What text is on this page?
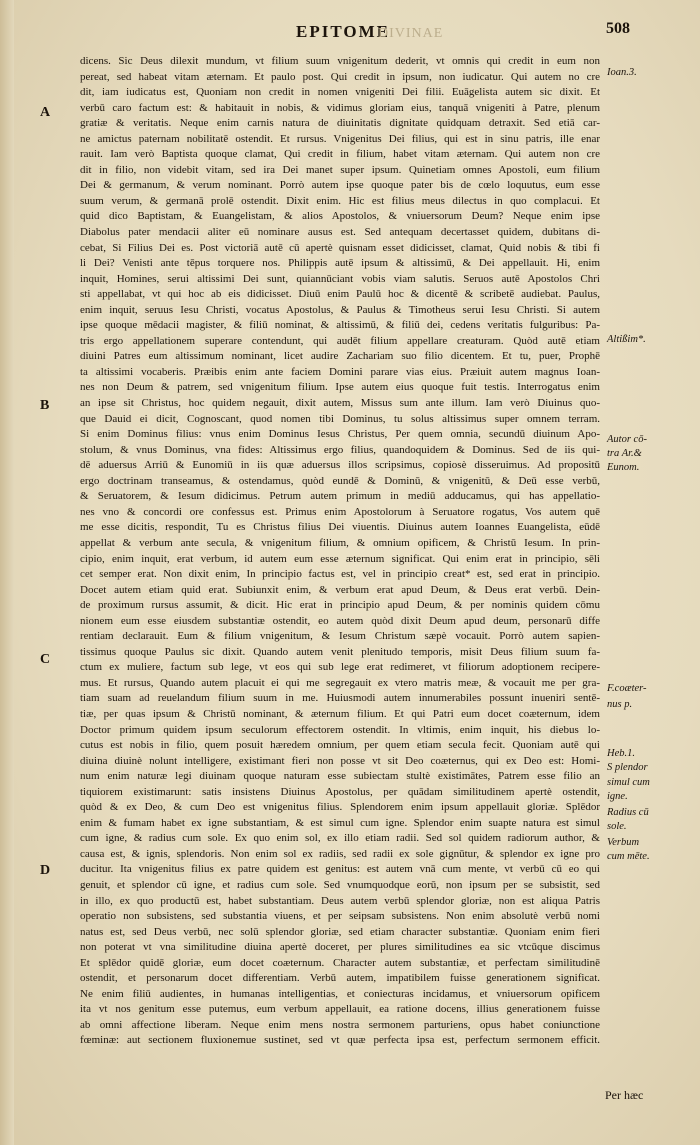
EPITOME
DIVINAE	508
A
B
C
D
Ioan.3.
Altißim*.
Autor cō-
tra Ar.&
Eunom.
F.coæter-
nus p.
Heb.1.
S plendor
simul cum
igne.
Radius cū
sole.
Verbum
cum mēte.
dicens. Sic Deus dilexit mundum, vt filium suum vnigenitum dederit, vt omnis qui credit in eum non
pereat, sed habeat vitam æternam. Et paulo post. Qui credit in ipsum, non iudicatur. Qui autem no cre
dit, iam iudicatus est, Quoniam non credit in nomen vnigeniti Dei filii. Euāgelista autem sic dixit. Et
verbū caro factum est: & habitauit in nobis, & vidimus gloriam eius, tanquā vnigeniti à Patre, plenum
gratiæ & veritatis. Neque enim carnis natura de diuinitatis dignitate quidquam detraxit. Sed etiā car-
ne amictus paternam nobilitatē ostendit. Et rursus. Vnigenitus Dei filius, qui est in sinu patris, ille enar
rauit. Iam verò Baptista quoque clamat, Qui credit in filium, habet vitam æternam. Qui autem non cre
dit in filio, non videbit vitam, sed ira Dei manet super ipsum. Quinetiam omnes Apostoli, eum filium
Dei & germanum, & verum nominant. Porrò autem ipse quoque pater bis de cœlo loquutus, eum esse
suum verum, & germanā prolē ostendit. Dixit enim. Hic est filius meus dilectus in quo complacui. Et
quid dico Baptistam, & Euangelistam, & alios Apostolos, & vniuersorum Deum? Neque enim ipse
Diabolus pater mendacii aliter eū nominare ausus est. Sed antequam decertasset quidem, dubitans di-
cebat, Si Filius Dei es. Post victoriā autē cū apertè quisnam esset didicisset, clamat, Quid nobis & tibi fi
li Dei? Venisti ante tēpus torquere nos. Philippis autē ipsum & altissimū, & Dei appellauit. Hi, enim
inquit, Homines, serui altissimi Dei sunt, quiannūciant vobis viam salutis. Seruos autē Apostolos Chri
sti appellabat, vt qui hoc ab eis didicisset. Diuū enim Paulū hoc & dicentē & scribetē audiebat. Paulus,
enim inquit, seruus Iesu Christi, vocatus Apostolus, & Paulus & Timotheus serui Iesu Christi. Si autem
ipse quoque mēdacii magister, & filiū nominat, & altissimū, & filiū dei, cedens veritatis fulguribus: Pa-
tris ergo appellationem superare contendunt, qui audēt filium appellare creaturam. Quòd autē etiam
diuini Patres eum altissimum nominant, licet audire Zachariam suo filio dicentem. Et tu, puer, Prophē
ta altissimi vocaberis. Præibis enim ante faciem Domini parare vias eius. Præiuit autem magnus Ioan-
nes non Deum & patrem, sed vnigenitum filium. Ipse autem eius quoque fuit testis. Interrogatus enim
an ipse sit Christus, hoc quidem negauit, dixit autem, Missus sum ante illum. Iam verò Diuinus quo-
que Dauid ei dicit, Cognoscant, quod nomen tibi Dominus, tu solus altissimus super omnem terram.
Si enim Dominus filius: vnus enim Dominus Iesus Christus, Per quem omnia, secundū diuinum Apo-
stolum, & vnus Dominus, vna fides: Altissimus ergo filius, quandoquidem & Dominus. Sed de iis qui-
dē aduersus Arriū & Eunomiū in iis quæ aduersus illos scripsimus, copiosè disseruimus. Ad propositū
ergo doctrinam transeamus, & ostendamus, quòd eundē & Dominū, & vnigenitū, & Deū esse verbū,
& Seruatorem, & Iesum didicimus. Petrum autem primum in mediū adducamus, qui has appellatio-
nes vno & concordi ore confessus est. Primus enim Apostolorum à Seruatore rogatus, Vos autem quē
me esse dicitis, respondit, Tu es Christus filius Dei viuentis. Diuinus autem Ioannes Euangelista, eūdē
appellat & verbum ante secula, & vnigenitum filium, & omnium opificem, & Christū Iesum. In prin-
cipio, enim inquit, erat verbum, id autem eum esse æternum significat. Qui enim erat in principio, sēli
cet semper erat. Non dixit enim, In principio factus est, vel in principio creat* est, sed erat in principio.
Docet autem etiam quid erat. Subiunxit enim, & verbum erat apud Deum, & Deus erat verbū. Dein-
de proximum rursus assumit, & dicit. Hic erat in principio apud Deum, & per nominis quidem cōmu
nionem eum esse eiusdem substantiæ ostendit, eo autem quòd dixit Deum apud deum, personarū diffe
rentiam declarauit. Eum & filium vnigenitum, & Iesum Christum sæpè vocauit. Porrò autem sapien-
tissimus quoque Paulus sic dixit. Quando autem venit plenitudo temporis, misit Deus filium suum fa-
ctum ex muliere, factum sub lege, vt eos qui sub lege erat redimeret, vt filiorum adoptionem recipere-
mus. Et rursus, Quando autem placuit ei qui me segregauit ex vtero matris meæ, & vocauit me per gra-
tiam suam ad reuelandum filium suum in me. Huiusmodi autem innumerabiles possunt inueniri sentē-
tiæ, per quas ipsum & Christū nominant, & æternum filium. Et qui Patri eum docet coæternum, idem
Doctor primum quidem ipsum seculorum effectorem ostendit. In vltimis, enim inquit, his diebus lo-
cutus est nobis in filio, quem posuit hæredem omnium, per quem etiam secula fecit. Quoniam autē qui
diuina diuinè nolunt intelligere, existimant fieri non posse vt sit Deo coæternus, qui ex Deo est: Homi-
num enim naturæ legi diuinam quoque naturam esse subiectam stultè existimātes, Patrem esse filio an
tiquiorem existimarunt: satis insistens Diuinus Apostolus, per quādam similitudinem apertè ostendit,
quòd & ex Deo, & cum Deo est vnigenitus filius. Splendorem enim ipsum appellauit gloriæ. Splēdor
enim & fumam habet ex igne substantiam, & est simul cum igne. Splendor enim suapte natura est simul
cum igne, & radius cum sole. Ex quo enim sol, ex illo etiam radii. Sed sol quidem radiorum author, &
causa est, & ignis, splendoris. Non enim sol ex radiis, sed radii ex sole gignūtur, & splendor ex igne pro
ducitur. Ita vnigenitus filius ex patre quidem est genitus: est autem vnā cum mente, vt verbū cū eo qui
genuit, et splendor cū igne, et radius cum sole. Sed vnumquodque eorū, non ipsum per se subsistit, sed
in illo, ex quo productū est, habet substantiam. Deus autem verbū splendor gloriæ, non est aliqua Patris
operatio non subsistens, sed substantia viuens, et per seipsam subsistens. Non enim absolutè verbū nomi
natus est, sed Deus verbū, nec solū splendor gloriæ, sed etiam character substantiæ. Quoniam enim fieri
non poterat vt vna similitudine diuina apertè doceret, per plures similitudines ea sic vtcūque discimus
Et splēdor quidē gloriæ, eum docet coæternum. Character autem substantiæ, et perfectam similitudinē
ostendit, et personarum docet differentiam. Verbū autem, impatibilem fuisse generationem significat.
Ne enim filiū audientes, in humanas intelligentias, et coniecturas incidamus, et vniuersorum opificem
ita vt nos genitum esse putemus, eum verbum appellauit, ea ratione docens, illius generationem fuisse
ab omni affectione liberam. Neque enim mens nostra sermonem parturiens, opus habet coniunctione
fœminæ: aut sectionem fluxionemue sustinet, sed vt quæ perfecta ipsa est, perfectum sermonem efficit.
Per hæc
